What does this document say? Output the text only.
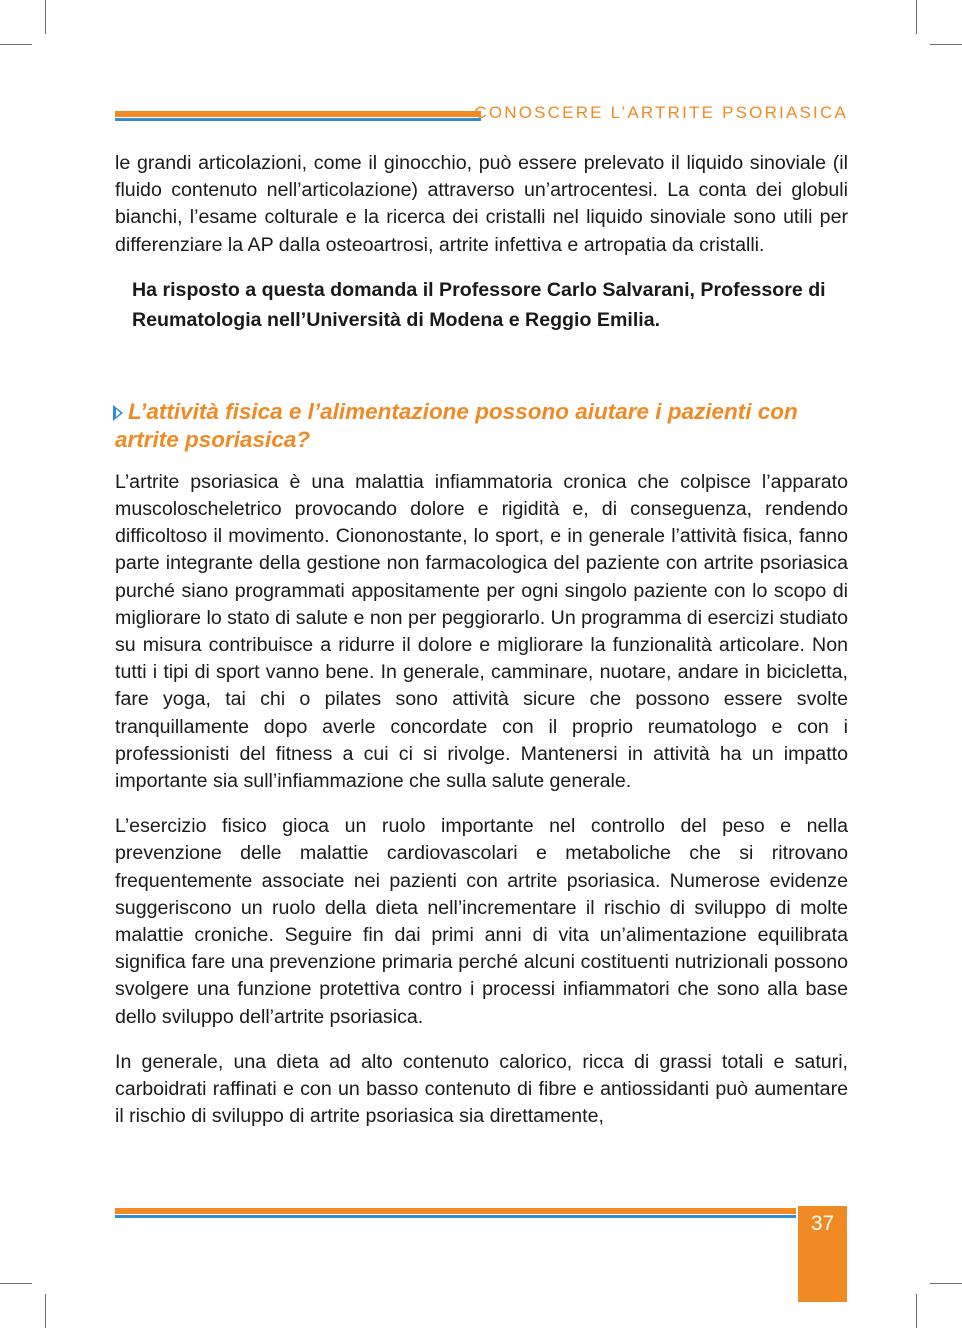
CONOSCERE L’ARTRITE PSORIASICA

le grandi articolazioni, come il ginocchio, può essere prelevato il liquido sinoviale (il fluido contenuto nell’articolazione) attraverso un’artrocentesi. La conta dei globuli bianchi, l’esame colturale e la ricerca dei cristalli nel liquido sinoviale sono utili per differenziare la AP dalla osteoartrosi, artrite infettiva e artropatia da cristalli.

Ha risposto a questa domanda il Professore Carlo Salvarani, Professore di Reumatologia nell’Università di Modena e Reggio Emilia.
L’attività fisica e l’alimentazione possono aiutare i pazienti con artrite psoriasica?

L’artrite psoriasica è una malattia infiammatoria cronica che colpisce l’apparato muscoloscheletrico provocando dolore e rigidità e, di conseguenza, rendendo difficoltoso il movimento. Ciononostante, lo sport, e in generale l’attività fisica, fanno parte integrante della gestione non farmacologica del paziente con artrite psoriasica purché siano programmati appositamente per ogni singolo paziente con lo scopo di migliorare lo stato di salute e non per peggiorarlo. Un programma di esercizi studiato su misura contribuisce a ridurre il dolore e migliorare la funzionalità articolare. Non tutti i tipi di sport vanno bene. In generale, camminare, nuotare, andare in bicicletta, fare yoga, tai chi o pilates sono attività sicure che possono essere svolte tranquillamente dopo averle concordate con il proprio reumatologo e con i professionisti del fitness a cui ci si rivolge. Mantenersi in attività ha un impatto importante sia sull’infiammazione che sulla salute generale.

L’esercizio fisico gioca un ruolo importante nel controllo del peso e nella prevenzione delle malattie cardiovascolari e metaboliche che si ritrovano frequentemente associate nei pazienti con artrite psoriasica. Numerose evidenze suggeriscono un ruolo della dieta nell’incrementare il rischio di sviluppo di molte malattie croniche. Seguire fin dai primi anni di vita un’alimentazione equilibrata significa fare una prevenzione primaria perché alcuni costituenti nutrizionali possono svolgere una funzione protettiva contro i processi infiammatori che sono alla base dello sviluppo dell’artrite psoriasica.

In generale, una dieta ad alto contenuto calorico, ricca di grassi totali e saturi, carboidrati raffinati e con un basso contenuto di fibre e antiossidanti può aumentare il rischio di sviluppo di artrite psoriasica sia direttamente,

37
